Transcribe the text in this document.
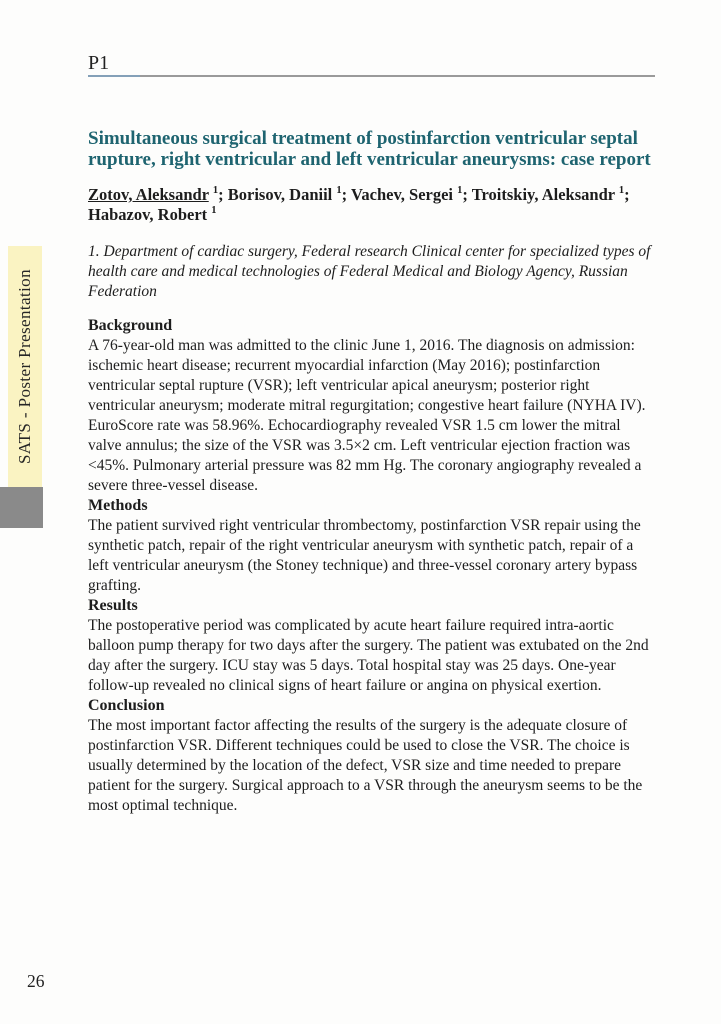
SATS - Poster Presentation
P1
Simultaneous surgical treatment of postinfarction ventricular septal rupture, right ventricular and left ventricular aneurysms: case report

Zotov, Aleksandr $^1$; Borisov, Daniil $^1$; Vachev, Sergei $^1$; Troitskiy, Aleksandr $^1$; Habazov, Robert $^1$

1. Department of cardiac surgery, Federal research Clinical center for specialized types of health care and medical technologies of Federal Medical and Biology Agency, Russian Federation

Background

A 76-year-old man was admitted to the clinic June 1, 2016. The diagnosis on admission: ischemic heart disease; recurrent myocardial infarction (May 2016); postinfarction ventricular septal rupture (VSR); left ventricular apical aneurysm; posterior right ventricular aneurysm; moderate mitral regurgitation; congestive heart failure (NYHA IV). EuroScore rate was 58.96%. Echocardiography revealed VSR 1.5 cm lower the mitral valve annulus; the size of the VSR was 3.5×2 cm. Left ventricular ejection fraction was <45%. Pulmonary arterial pressure was 82 mm Hg. The coronary angiography revealed a severe three-vessel disease.

Methods

The patient survived right ventricular thrombectomy, postinfarction VSR repair using the synthetic patch, repair of the right ventricular aneurysm with synthetic patch, repair of a left ventricular aneurysm (the Stoney technique) and three-vessel coronary artery bypass grafting.

Results

The postoperative period was complicated by acute heart failure required intra-aortic balloon pump therapy for two days after the surgery. The patient was extubated on the 2nd day after the surgery. ICU stay was 5 days. Total hospital stay was 25 days. One-year follow-up revealed no clinical signs of heart failure or angina on physical exertion.

Conclusion

The most important factor affecting the results of the surgery is the adequate closure of postinfarction VSR. Different techniques could be used to close the VSR. The choice is usually determined by the location of the defect, VSR size and time needed to prepare patient for the surgery. Surgical approach to a VSR through the aneurysm seems to be the most optimal technique.

26
